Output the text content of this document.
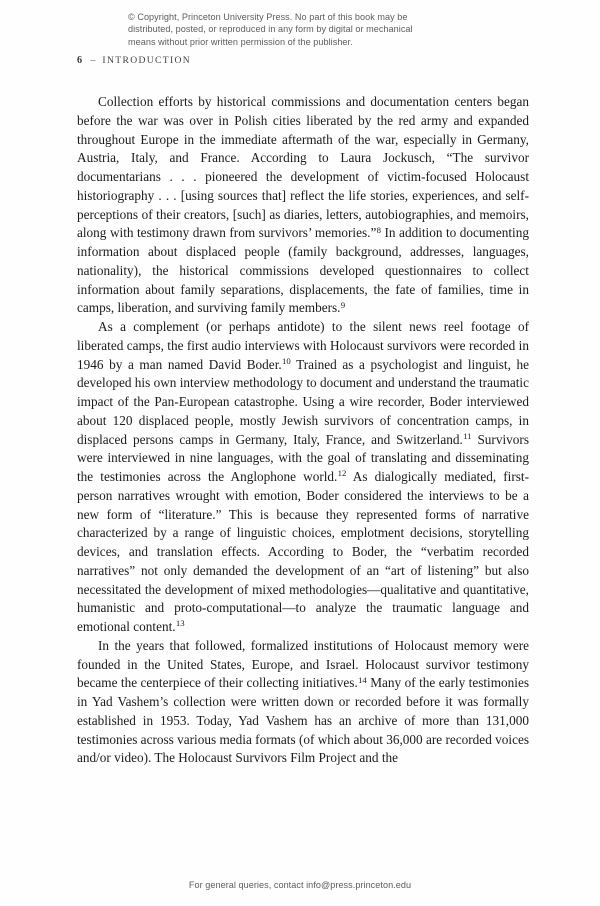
© Copyright, Princeton University Press. No part of this book may be
distributed, posted, or reproduced in any form by digital or mechanical
means without prior written permission of the publisher.
6 – INTRODUCTION

Collection efforts by historical commissions and documentation centers began before the war was over in Polish cities liberated by the red army and expanded throughout Europe in the immediate aftermath of the war, especially in Germany, Austria, Italy, and France. According to Laura Jockusch, “The survivor documentarians . . . pioneered the development of victim-focused Holocaust historiography . . . [using sources that] reflect the life stories, experiences, and self-perceptions of their creators, [such] as diaries, letters, autobiographies, and memoirs, along with testimony drawn from survivors’ memories.”$^8$ In addition to documenting information about displaced people (family background, addresses, languages, nationality), the historical commissions developed questionnaires to collect information about family separations, displacements, the fate of families, time in camps, liberation, and surviving family members.$^9$

As a complement (or perhaps antidote) to the silent news reel footage of liberated camps, the first audio interviews with Holocaust survivors were recorded in 1946 by a man named David Boder.$^{10}$ Trained as a psychologist and linguist, he developed his own interview methodology to document and understand the traumatic impact of the Pan-European catastrophe. Using a wire recorder, Boder interviewed about 120 displaced people, mostly Jewish survivors of concentration camps, in displaced persons camps in Germany, Italy, France, and Switzerland.$^{11}$ Survivors were interviewed in nine languages, with the goal of translating and disseminating the testimonies across the Anglophone world.$^{12}$ As dialogically mediated, first-person narratives wrought with emotion, Boder considered the interviews to be a new form of “literature.” This is because they represented forms of narrative characterized by a range of linguistic choices, emplotment decisions, storytelling devices, and translation effects. According to Boder, the “verbatim recorded narratives” not only demanded the development of an “art of listening” but also necessitated the development of mixed methodologies—qualitative and quantitative, humanistic and proto-computational—to analyze the traumatic language and emotional content.$^{13}$

In the years that followed, formalized institutions of Holocaust memory were founded in the United States, Europe, and Israel. Holocaust survivor testimony became the centerpiece of their collecting initiatives.$^{14}$ Many of the early testimonies in Yad Vashem’s collection were written down or recorded before it was formally established in 1953. Today, Yad Vashem has an archive of more than 131,000 testimonies across various media formats (of which about 36,000 are recorded voices and/or video). The Holocaust Survivors Film Project and the

For general queries, contact info@press.princeton.edu
